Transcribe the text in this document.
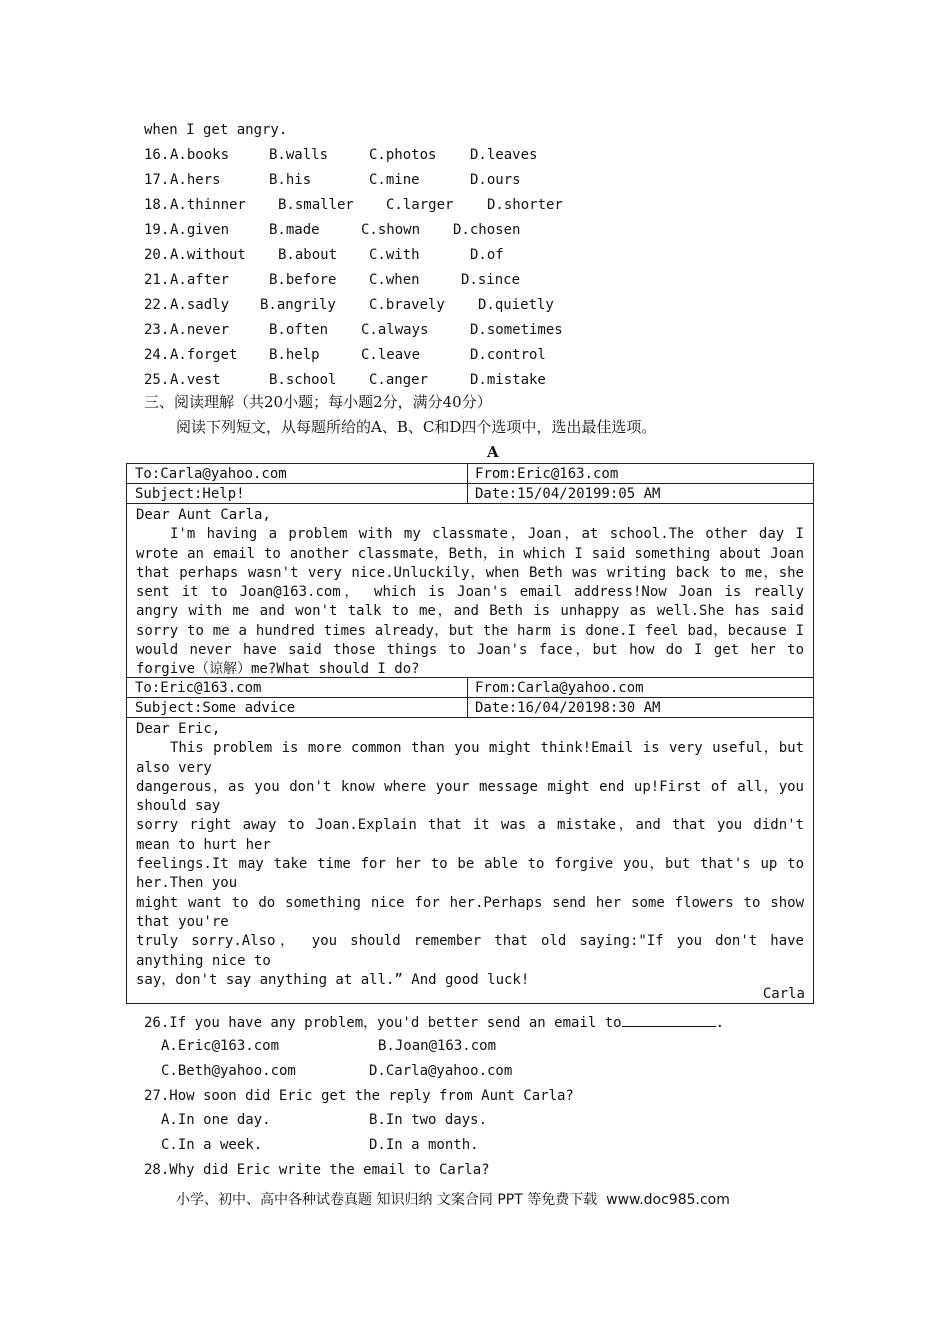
when I get angry.
16. A.books	B.walls	C.photos D.leaves
17. A.hers	B.his	C.mine	D.ours
18. A.thinner B.smaller C.larger D.shorter
19. A.given	B.made	C.shown D.chosen
20. A.without B.about C.with	D.of
21. A.after	B.before C.when	D.since
22. A.sadly B.angrily C.bravely D.quietly
23. A.never	B.often C.always	D.sometimes
24. A.forget B.help	C.leave	D.control
25. A.vest	B.school C.anger	D.mistake
三、阅读理解（共20小题；每小题2分，满分40分）
阅读下列短文，从每题所给的A、B、C和D四个选项中，选出最佳选项。
A
To:Carla@yahoo.com	From:Eric@163.com
Subject:Help!	Date:15/04/20199:05 AM

Dear Aunt Carla,

I'm having a problem with my classmate，Joan，at school.The other day I wrote an email to another classmate，Beth，in which I said something about Joan that perhaps wasn't very nice.Unluckily，when Beth was writing back to me，she sent it to Joan@163.com， which is Joan's email address!Now Joan is really angry with me and won't talk to me，and Beth is unhappy as well.She has said sorry to me a hundred times already，but the harm is done.I feel bad，because I would never have said those things to Joan's face，but how do I get her to forgive（谅解）me?What should I do?

To:Eric@163.com	From:Carla@yahoo.com
Subject:Some advice	Date:16/04/20198:30 AM

Dear Eric,

This problem is more common than you might think!Email is very useful，but also very

dangerous，as you don't know where your message might end up!First of all，you should say

sorry right away to Joan.Explain that it was a mistake，and that you didn't mean to hurt her

feelings.It may take time for her to be able to forgive you，but that's up to her.Then you

might want to do something nice for her.Perhaps send her some flowers to show that you're

truly sorry.Also， you should remember that old saying:"If you don't have anything nice to

say，don't say anything at all.” And good luck!

Carla
26.If you have any problem，you'd better send an email to	.
A.Eric@163.com	B.Joan@163.com
C.Beth@yahoo.com	D.Carla@yahoo.com
27.How soon did Eric get the reply from Aunt Carla?
A.In one day.	B.In two days.
C.In a week.	D.In a month.
28.Why did Eric write the email to Carla?
小学、初中、高中各种试卷真题 知识归纳 文案合同 PPT 等免费下载  www.doc985.com
